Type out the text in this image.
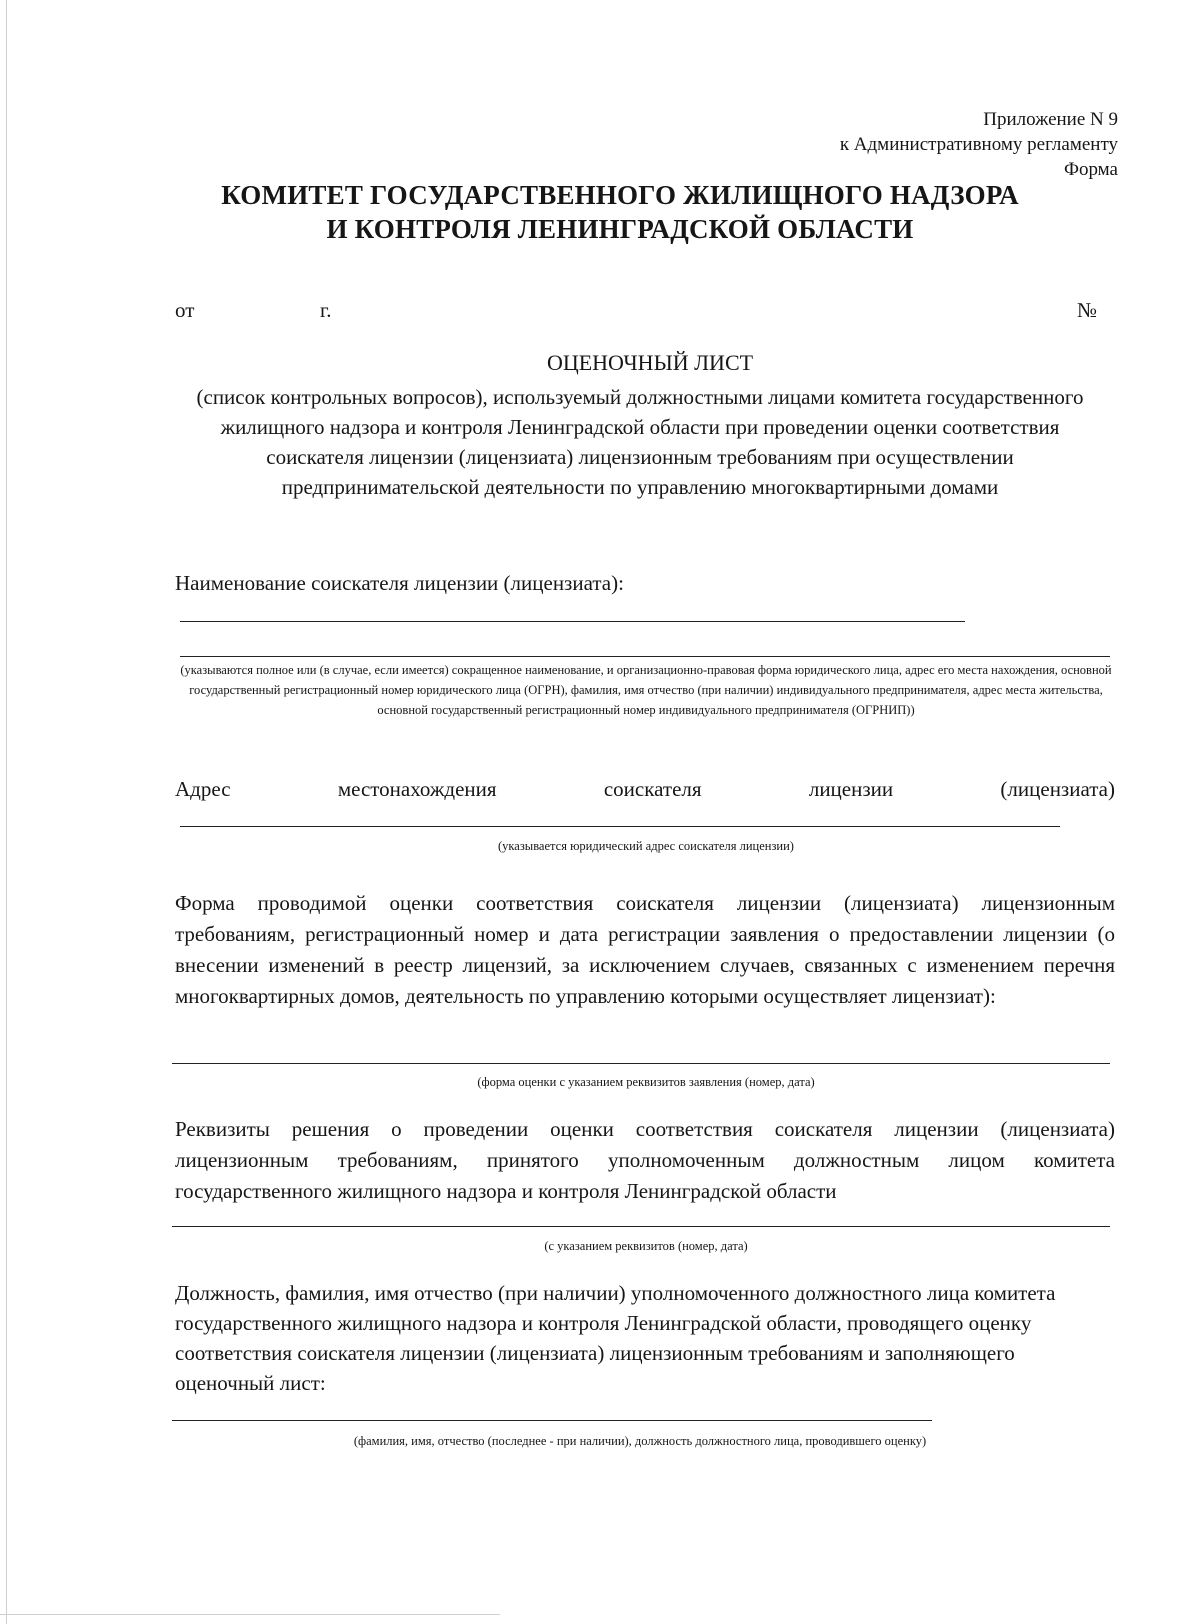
Приложение N 9
к Административному регламенту
Форма
КОМИТЕТ ГОСУДАРСТВЕННОГО ЖИЛИЩНОГО НАДЗОРА
И КОНТРОЛЯ ЛЕНИНГРАДСКОЙ ОБЛАСТИ
от	г.	№
ОЦЕНОЧНЫЙ ЛИСТ
(список контрольных вопросов), используемый должностными лицами комитета государственного жилищного надзора и контроля Ленинградской области при проведении оценки соответствия соискателя лицензии (лицензиата) лицензионным требованиям при осуществлении предпринимательской деятельности по управлению многоквартирными домами
Наименование соискателя лицензии (лицензиата):
(указываются полное или (в случае, если имеется) сокращенное наименование, и организационно-правовая форма юридического лица, адрес его места нахождения, основной государственный регистрационный номер юридического лица (ОГРН), фамилия, имя отчество (при наличии) индивидуального предпринимателя, адрес места жительства, основной государственный регистрационный номер индивидуального предпринимателя (ОГРНИП))
Адрес местонахождения соискателя лицензии (лицензиата)
(указывается юридический адрес соискателя лицензии)
Форма проводимой оценки соответствия соискателя лицензии (лицензиата) лицензионным требованиям, регистрационный номер и дата регистрации заявления о предоставлении лицензии (о внесении изменений в реестр лицензий, за исключением случаев, связанных с изменением перечня многоквартирных домов, деятельность по управлению которыми осуществляет лицензиат):
(форма оценки с указанием реквизитов заявления (номер, дата)
Реквизиты решения о проведении оценки соответствия соискателя лицензии (лицензиата) лицензионным требованиям, принятого уполномоченным должностным лицом комитета государственного жилищного надзора и контроля Ленинградской области
(с указанием реквизитов (номер, дата)
Должность, фамилия, имя отчество (при наличии) уполномоченного должностного лица комитета государственного жилищного надзора и контроля Ленинградской области, проводящего оценку соответствия соискателя лицензии (лицензиата) лицензионным требованиям и заполняющего оценочный лист:
(фамилия, имя, отчество (последнее - при наличии), должность должностного лица, проводившего оценку)
